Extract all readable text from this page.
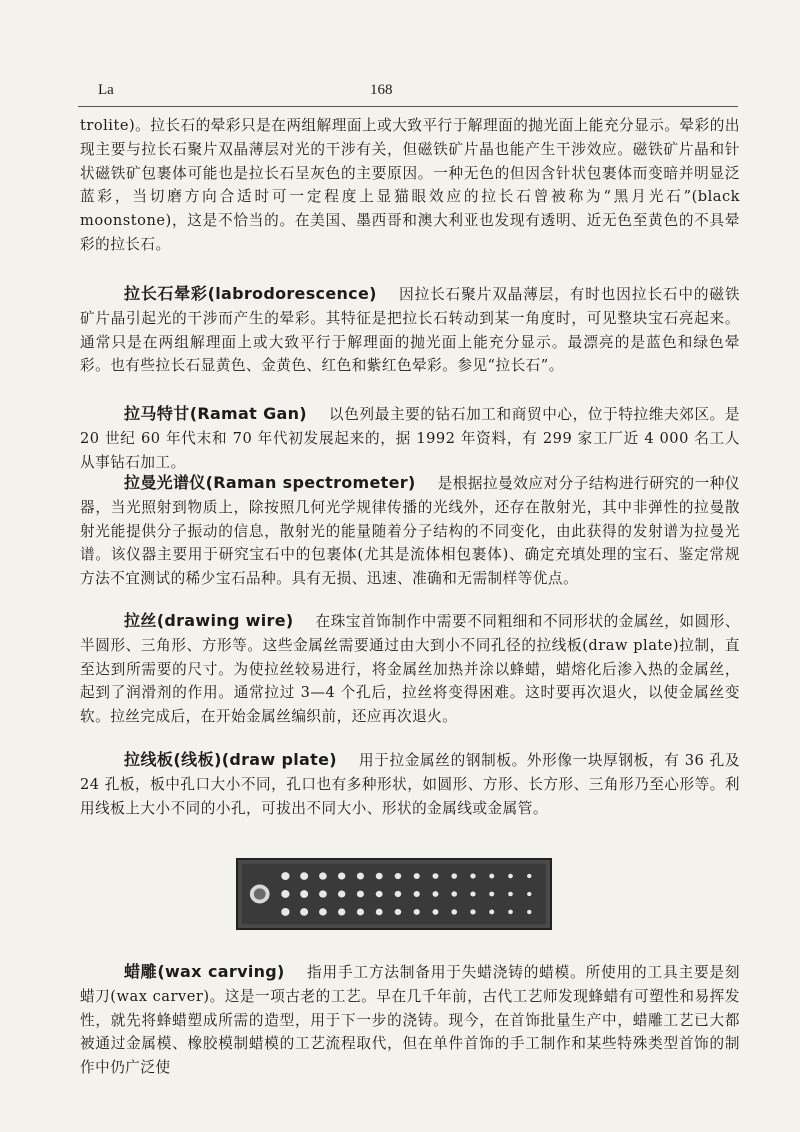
La	168

trolite)。拉长石的晕彩只是在两组解理面上或大致平行于解理面的抛光面上能充分显示。晕彩的出现主要与拉长石聚片双晶薄层对光的干涉有关，但磁铁矿片晶也能产生干涉效应。磁铁矿片晶和针状磁铁矿包裹体可能也是拉长石呈灰色的主要原因。一种无色的但因含针状包裹体而变暗并明显泛蓝彩，当切磨方向合适时可一定程度上显猫眼效应的拉长石曾被称为“黑月光石”(black moonstone)，这是不恰当的。在美国、墨西哥和澳大利亚也发现有透明、近无色至黄色的不具晕彩的拉长石。

拉长石晕彩(labrodorescence) 因拉长石聚片双晶薄层，有时也因拉长石中的磁铁矿片晶引起光的干涉而产生的晕彩。其特征是把拉长石转动到某一角度时，可见整块宝石亮起来。通常只是在两组解理面上或大致平行于解理面的抛光面上能充分显示。最漂亮的是蓝色和绿色晕彩。也有些拉长石显黄色、金黄色、红色和紫红色晕彩。参见“拉长石”。

拉马特甘(Ramat Gan) 以色列最主要的钻石加工和商贸中心，位于特拉维夫郊区。是 20 世纪 60 年代末和 70 年代初发展起来的，据 1992 年资料，有 299 家工厂近 4 000 名工人从事钻石加工。

拉曼光谱仪(Raman spectrometer) 是根据拉曼效应对分子结构进行研究的一种仪器，当光照射到物质上，除按照几何光学规律传播的光线外，还存在散射光，其中非弹性的拉曼散射光能提供分子振动的信息，散射光的能量随着分子结构的不同变化，由此获得的发射谱为拉曼光谱。该仪器主要用于研究宝石中的包裹体(尤其是流体相包裹体)、确定充填处理的宝石、鉴定常规方法不宜测试的稀少宝石品种。具有无损、迅速、准确和无需制样等优点。

拉丝(drawing wire) 在珠宝首饰制作中需要不同粗细和不同形状的金属丝，如圆形、半圆形、三角形、方形等。这些金属丝需要通过由大到小不同孔径的拉线板(draw plate)拉制，直至达到所需要的尺寸。为使拉丝较易进行，将金属丝加热并涂以蜂蜡，蜡熔化后渗入热的金属丝，起到了润滑剂的作用。通常拉过 3—4 个孔后，拉丝将变得困难。这时要再次退火，以使金属丝变软。拉丝完成后，在开始金属丝编织前，还应再次退火。

拉线板(线板)(draw plate) 用于拉金属丝的钢制板。外形像一块厚钢板，有 36 孔及 24 孔板，板中孔口大小不同，孔口也有多种形状，如圆形、方形、长方形、三角形乃至心形等。利用线板上大小不同的小孔，可拔出不同大小、形状的金属线或金属管。

蜡雕(wax carving) 指用手工方法制备用于失蜡浇铸的蜡模。所使用的工具主要是刻蜡刀(wax carver)。这是一项古老的工艺。早在几千年前，古代工艺师发现蜂蜡有可塑性和易挥发性，就先将蜂蜡塑成所需的造型，用于下一步的浇铸。现今，在首饰批量生产中，蜡雕工艺已大都被通过金属模、橡胶模制蜡模的工艺流程取代，但在单件首饰的手工制作和某些特殊类型首饰的制作中仍广泛使
